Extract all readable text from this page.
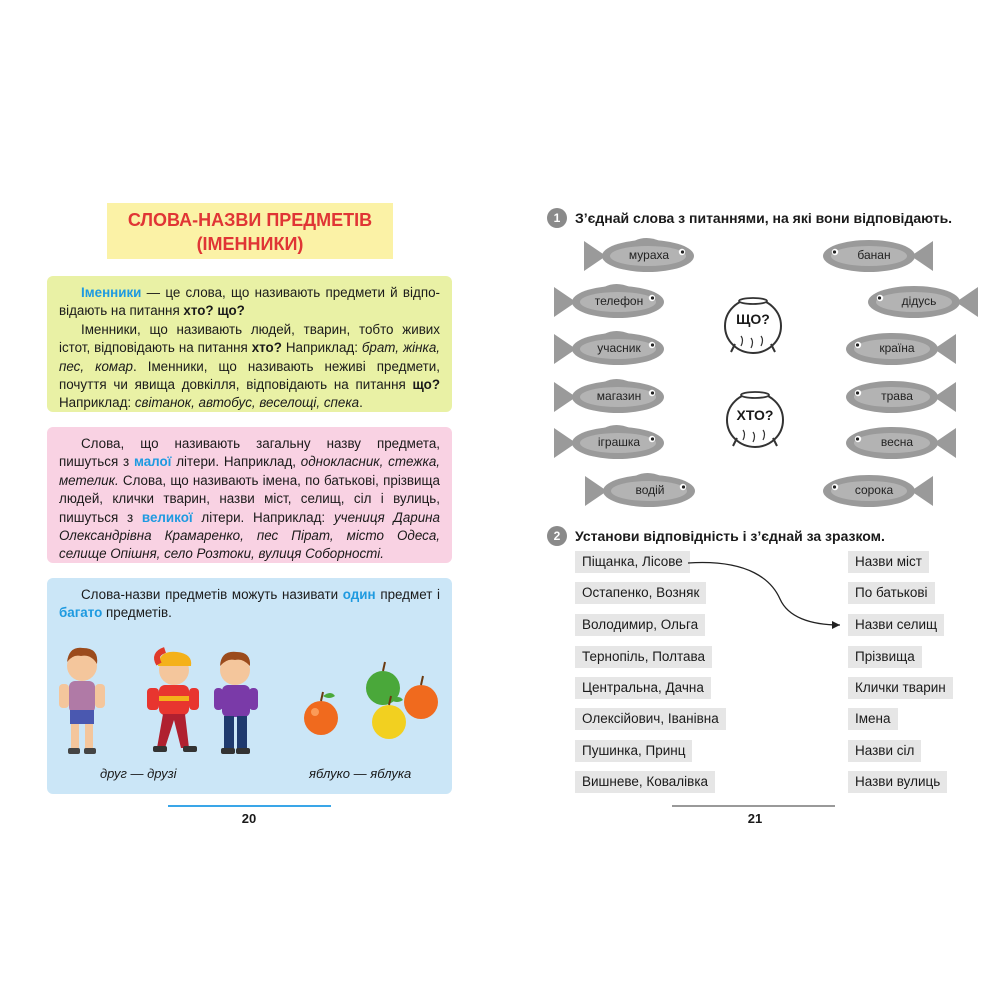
СЛОВА-НАЗВИ ПРЕДМЕТІВ
(ІМЕННИКИ)

Іменники — це слова, що називають предмети й відповідають на питання хто? що?

Іменники, що називають людей, тварин, тобто живих істот, відповідають на питання хто? Наприклад: брат, жінка, пес, комар. Іменники, що називають неживі предмети, почуття чи явища довкілля, відповідають на питання що? Наприклад: світанок, автобус, веселощі, спека.

Слова, що називають загальну назву предмета, пишуться з малої літери. Наприклад, однокласник, стежка, метелик. Слова, що називають імена, по батькові, прізвища людей, клички тварин, назви міст, селищ, сіл і вулиць, пишуться з великої літери. Наприклад: учениця Дарина Олександрівна Крамаренко, пес Пірат, місто Одеса, селище Опішня, село Розтоки, вулиця Соборності.

Слова-назви предметів можуть називати один предмет і багато предметів.

друг — друзі	яблуко — яблука
20
1	З’єднай слова з питаннями, на які вони відповідають.
мураха
телефон
учасник
магазин
іграшка
водій
банан
дідусь
країна
трава
весна
сорока
ЩО?
ХТО?
2	Установи відповідність і з’єднай за зразком.
Піщанка, Лісове
Остапенко, Возняк
Володимир, Ольга
Тернопіль, Полтава
Центральна, Дачна
Олексійович, Іванівна
Пушинка, Принц
Вишневе, Ковалівка
Назви міст
По батькові
Назви селищ
Прізвища
Клички тварин
Імена
Назви сіл
Назви вулиць
21
